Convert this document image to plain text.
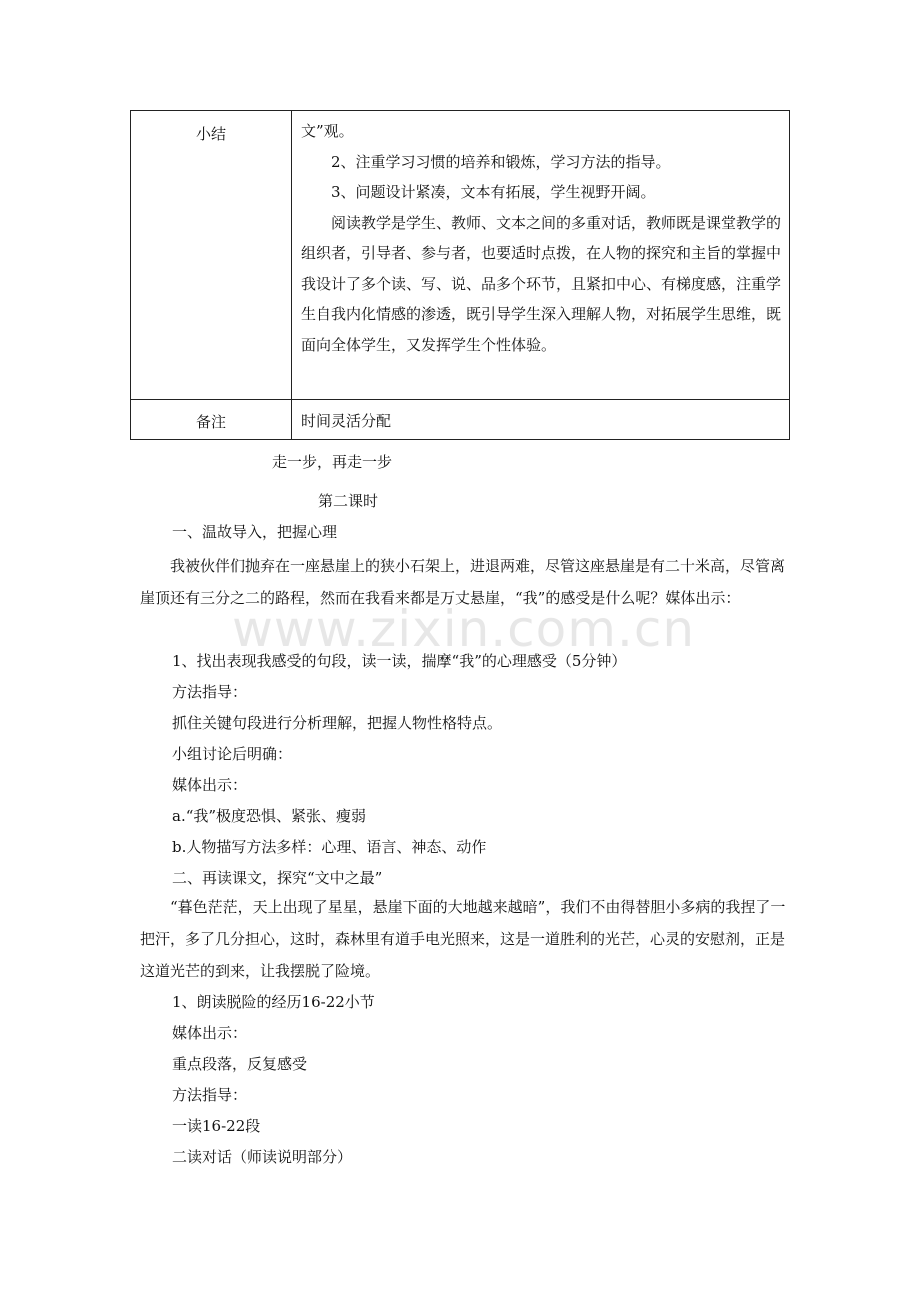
小结	文”观。

2、注重学习习惯的培养和锻炼，学习方法的指导。

3、问题设计紧凑，文本有拓展，学生视野开阔。

阅读教学是学生、教师、文本之间的多重对话，教师既是课堂教学的组织者，引导者、参与者，也要适时点拨，在人物的探究和主旨的掌握中我设计了多个读、写、说、品多个环节，且紧扣中心、有梯度感，注重学生自我内化情感的渗透，既引导学生深入理解人物，对拓展学生思维，既面向全体学生，又发挥学生个性体验。

备注	时间灵活分配
走一步，再走一步
第二课时
一、温故导入，把握心理
我被伙伴们抛弃在一座悬崖上的狭小石架上，进退两难，尽管这座悬崖是有二十米高，尽管离崖顶还有三分之二的路程，然而在我看来都是万丈悬崖，“我”的感受是什么呢？媒体出示：
1、找出表现我感受的句段，读一读，揣摩“我”的心理感受（5分钟）
方法指导：
抓住关键句段进行分析理解，把握人物性格特点。
小组讨论后明确：
媒体出示：
a.“我”极度恐惧、紧张、瘦弱
b.人物描写方法多样：心理、语言、神态、动作
二、再读课文，探究“文中之最”
“暮色茫茫，天上出现了星星，悬崖下面的大地越来越暗”，我们不由得替胆小多病的我捏了一把汗，多了几分担心，这时，森林里有道手电光照来，这是一道胜利的光芒，心灵的安慰剂，正是这道光芒的到来，让我摆脱了险境。
1、朗读脱险的经历16-22小节
媒体出示：
重点段落，反复感受
方法指导：
一读16-22段
二读对话（师读说明部分）
www.zixin.com.cn
